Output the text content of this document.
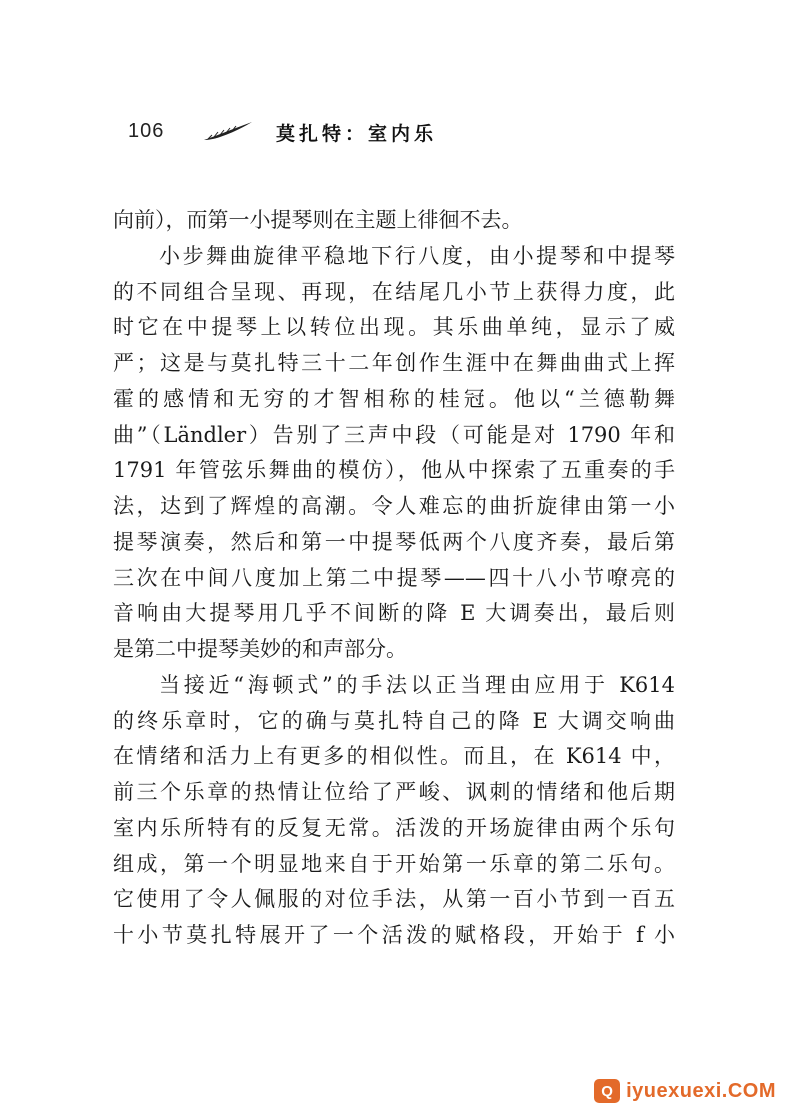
106	莫扎特：室内乐
向前），而第一小提琴则在主题上徘徊不去。
小步舞曲旋律平稳地下行八度，由小提琴和中提琴
的不同组合呈现、再现，在结尾几小节上获得力度，此
时它在中提琴上以转位出现。其乐曲单纯，显示了威
严；这是与莫扎特三十二年创作生涯中在舞曲曲式上挥
霍的感情和无穷的才智相称的桂冠。他以“兰德勒舞
曲”（Ländler）告别了三声中段（可能是对 1790 年和
1791 年管弦乐舞曲的模仿），他从中探索了五重奏的手
法，达到了辉煌的高潮。令人难忘的曲折旋律由第一小
提琴演奏，然后和第一中提琴低两个八度齐奏，最后第
三次在中间八度加上第二中提琴——四十八小节嘹亮的
音响由大提琴用几乎不间断的降 E 大调奏出，最后则
是第二中提琴美妙的和声部分。
当接近“海顿式”的手法以正当理由应用于 K614
的终乐章时，它的确与莫扎特自己的降 E 大调交响曲
在情绪和活力上有更多的相似性。而且，在 K614 中，
前三个乐章的热情让位给了严峻、讽刺的情绪和他后期
室内乐所特有的反复无常。活泼的开场旋律由两个乐句
组成，第一个明显地来自于开始第一乐章的第二乐句。
它使用了令人佩服的对位手法，从第一百小节到一百五
十小节莫扎特展开了一个活泼的赋格段，开始于 f 小
Q iyuexuexi.COM
